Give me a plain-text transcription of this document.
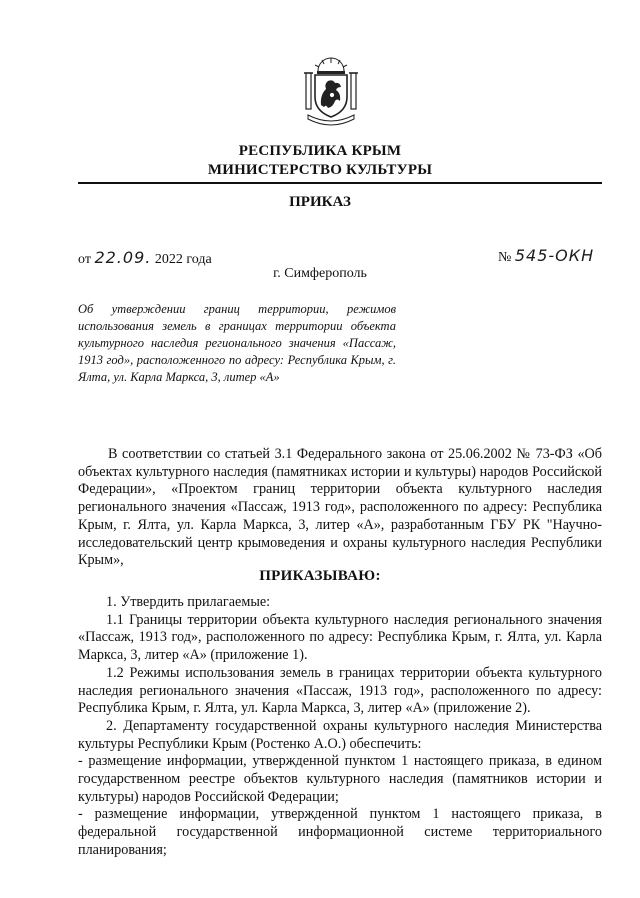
РЕСПУБЛИКА КРЫМ
МИНИСТЕРСТВО КУЛЬТУРЫ
ПРИКАЗ
от 22.09. 2022 года	№ 545-ОКН
г. Симферополь
Об утверждении границ территории, режимов использования земель в границах территории объекта культурного наследия регионального значения «Пассаж, 1913 год», расположенного по адресу: Республика Крым, г. Ялта, ул. Карла Маркса, 3, литер «А»
В соответствии со статьей 3.1 Федерального закона от 25.06.2002 № 73-ФЗ «Об объектах культурного наследия (памятниках истории и культуры) народов Российской Федерации», «Проектом границ территории объекта культурного наследия регионального значения «Пассаж, 1913 год», расположенного по адресу: Республика Крым, г. Ялта, ул. Карла Маркса, 3, литер «А», разработанным ГБУ РК "Научно-исследовательский центр крымоведения и охраны культурного наследия Республики Крым»,
ПРИКАЗЫВАЮ:

1. Утвердить прилагаемые:

1.1 Границы территории объекта культурного наследия регионального значения «Пассаж, 1913 год», расположенного по адресу: Республика Крым, г. Ялта, ул. Карла Маркса, 3, литер «А» (приложение 1).

1.2 Режимы использования земель в границах территории объекта культурного наследия регионального значения «Пассаж, 1913 год», расположенного по адресу: Республика Крым, г. Ялта, ул. Карла Маркса, 3, литер «А» (приложение 2).

2. Департаменту государственной охраны культурного наследия Министерства культуры Республики Крым (Ростенко А.О.) обеспечить:

- размещение информации, утвержденной пунктом 1 настоящего приказа, в едином государственном реестре объектов культурного наследия (памятников истории и культуры) народов Российской Федерации;

- размещение информации, утвержденной пунктом 1 настоящего приказа, в федеральной государственной информационной системе территориального планирования;
